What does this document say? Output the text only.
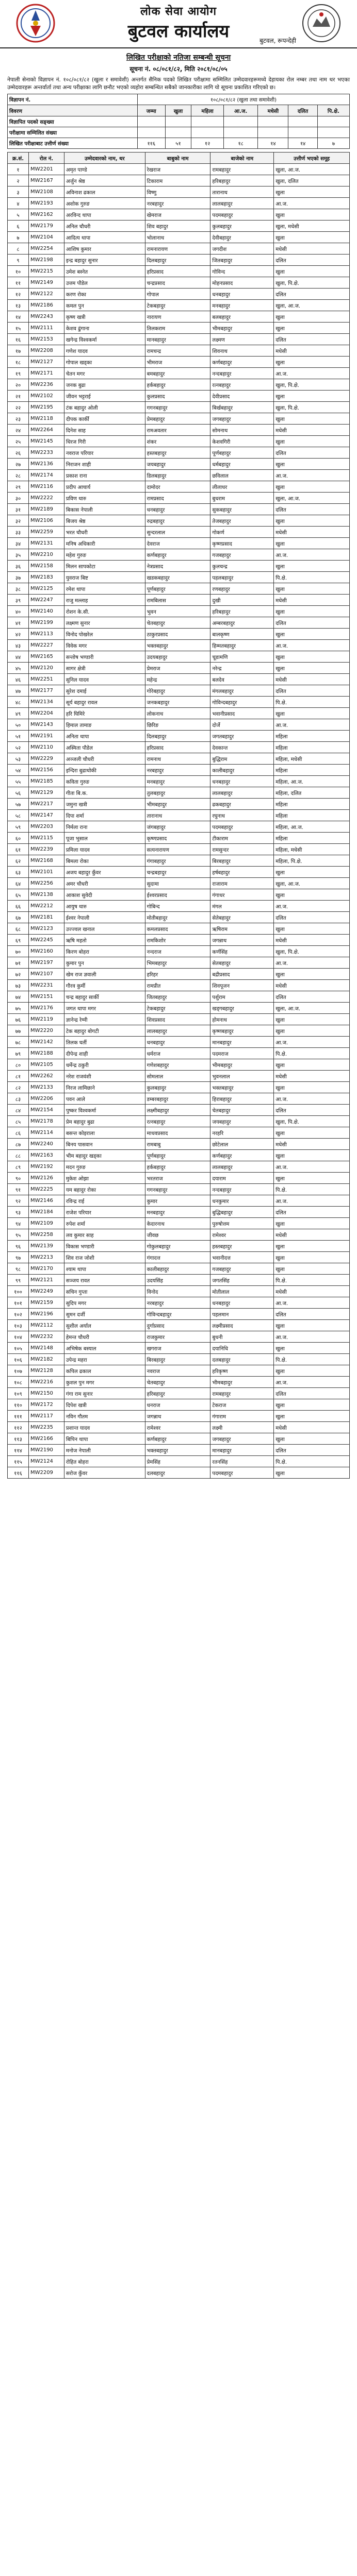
लोक सेवा आयोग
बुटवल कार्यालय	बुटवल, रूपन्देही
लिखित परीक्षाको नतिजा सम्बन्धी सूचना
सूचना नं. ०८/०८१/८२, मिति २०८१/०८/०५
नेपाली सेनाको विज्ञापन नं. १०८/०८१/८२ (खुला र समावेशी) अन्तर्गत सैनिक पदको लिखित परीक्षामा सम्मिलित उम्मेदवारहरूमध्ये देहायका रोल नम्बर तथा नाम थर भएका उम्मेदवारहरू अन्तर्वार्ता तथा अन्य परीक्षाका लागि छनौट भएको व्यहोरा सम्बन्धित सबैको जानकारीका लागि यो सूचना प्रकाशित गरिएको छ।
विज्ञापन नं.	१०८/०८१/८२ (खुला तथा समावेशी)						
विवरण	जम्मा	खुला	महिला	आ.ज.	मधेसी	दलित	पि.क्षे.
विज्ञापित पदको सङ्ख्या							
परीक्षामा सम्मिलित संख्या							
लिखित परीक्षाबाट उत्तीर्ण संख्या	११६	५१	१२	१८	१४	१४	७
क्र.सं.	रोल नं.	उम्मेदवारको नाम, थर	बाबुको नाम	बाजेको नाम	उत्तीर्ण भएको समूह
१	MW2201	अमृत पाण्डे	रेखराज	रामबहादुर	खुला, आ.ज.
२	MW2167	अर्जुन श्रेष्ठ	टिकाराम	हरिबहादुर	खुला, दलित
३	MW2108	अविनाश ढकाल	विष्णु	तारानाथ	खुला
४	MW2193	अशोक गुरुङ	नरबहादुर	लालबहादुर	आ.ज.
५	MW2162	अरविन्द थापा	खेमराज	पदमबहादुर	खुला
६	MW2179	अनिल चौधरी	शिव बहादुर	कुलबहादुर	खुला, मधेसी
७	MW2104	आदित्य थापा	भोलानाथ	देवीबहादुर	खुला
८	MW2254	आशिष कुमार	रामनारायण	जगदीश	मधेसी
९	MW2198	इन्द्र बहादुर सुनार	दिलबहादुर	जितबहादुर	दलित
१०	MW2215	उमेश बस्नेत	हरिप्रसाद	गोविन्द	खुला
११	MW2149	उत्तम पौडेल	चन्द्रप्रसाद	मोहनप्रसाद	खुला, पि.क्षे.
१२	MW2122	करण रोका	गोपाल	धनबहादुर	दलित
१३	MW2186	कमल पुन	टेकबहादुर	मनबहादुर	खुला, आ.ज.
१४	MW2243	कृष्ण खत्री	नारायण	बलबहादुर	खुला
१५	MW2111	केशव ढुंगाना	तिलकराम	भीमबहादुर	खुला
१६	MW2153	खगेन्द्र विश्वकर्मा	मानबहादुर	लक्ष्मण	दलित
१७	MW2208	गणेश यादव	रामचन्द्र	शिवनाथ	मधेसी
१८	MW2127	गोपाल खड्का	भीमराज	कर्णबहादुर	खुला
१९	MW2171	चेतन मगर	बमबहादुर	नन्दबहादुर	आ.ज.
२०	MW2236	जनक बुढा	हर्कबहादुर	रत्नबहादुर	खुला, पि.क्षे.
२१	MW2102	जीवन भट्टराई	कुलप्रसाद	देवीप्रसाद	खुला
२२	MW2195	टंक बहादुर ओली	गगनबहादुर	बिर्खबहादुर	खुला, पि.क्षे.
२३	MW2118	दीपक कार्की	प्रेमबहादुर	जगबहादुर	खुला
२४	MW2264	दिनेश साह	रामअवतार	सोमनाथ	मधेसी
२५	MW2145	धिरज गिरी	शंकर	केशवगिरी	खुला
२६	MW2233	नवराज परियार	हस्तबहादुर	पूर्णबहादुर	दलित
२७	MW2136	निराजन शाही	जयबहादुर	धर्मबहादुर	खुला
२८	MW2174	प्रकाश राना	डिलबहादुर	छविलाल	आ.ज.
२९	MW2116	प्रदीप आचार्य	दामोदर	लीलाधर	खुला
३०	MW2222	प्रविण थारु	रामप्रसाद	बुधराम	खुला, आ.ज.
३१	MW2189	बिकास नेपाली	धनबहादुर	सुकबहादुर	दलित
३२	MW2106	बिजय श्रेष्ठ	रुद्रबहादुर	तेजबहादुर	खुला
३३	MW2259	भरत चौधरी	सुन्दरलाल	गोकर्ण	मधेसी
३४	MW2131	मनिष अधिकारी	देवराज	कृष्णप्रसाद	खुला
३५	MW2210	महेश गुरुङ	कर्णबहादुर	गजबहादुर	आ.ज.
३६	MW2158	मिलन सापकोटा	नेत्रप्रसाद	कुलचन्द्र	खुला
३७	MW2183	युवराज बिष्ट	खडकबहादुर	पहलबहादुर	पि.क्षे.
३८	MW2125	रमेश थापा	पूर्णबहादुर	रणबहादुर	खुला
३९	MW2247	राजु मल्लाह	रामबिलास	दुखी	मधेसी
४०	MW2140	रोशन के.सी.	भुवन	हरिबहादुर	खुला
४१	MW2199	लक्ष्मण सुनार	चेतबहादुर	अम्बरबहादुर	दलित
४२	MW2113	विनोद पोखरेल	ठाकुरप्रसाद	बालकृष्ण	खुला
४३	MW2227	विवेक मगर	भक्तबहादुर	हिम्मतबहादुर	आ.ज.
४४	MW2165	सन्तोष भण्डारी	उदयबहादुर	चूडामणि	खुला
४५	MW2120	सागर क्षेत्री	प्रेमराज	नरेन्द्र	खुला
४६	MW2251	सुनिल यादव	महेन्द्र	बलदेव	मधेसी
४७	MW2177	सुरेश दमाई	गोरेबहादुर	मंगलबहादुर	दलित
४८	MW2134	सूर्य बहादुर रावल	जनकबहादुर	गोविन्दबहादुर	पि.क्षे.
४९	MW2204	हरि घिमिरे	लोकनाथ	भवानीप्रसाद	खुला
५०	MW2143	हिमाल तामाङ	छिरिङ	दोर्जे	आ.ज.
५१	MW2191	अनिता थापा	दिलबहादुर	जगतबहादुर	महिला
५२	MW2110	अस्मिता पौडेल	हरिप्रसाद	देवकान्त	महिला
५३	MW2229	अञ्जली चौधरी	रामनाथ	बुद्धिराम	महिला, मधेसी
५४	MW2156	इन्दिरा बुढाथोकी	नरबहादुर	कालीबहादुर	महिला
५५	MW2185	कविता गुरुङ	मनबहादुर	धनबहादुर	महिला, आ.ज.
५६	MW2129	गीता बि.क.	तुलबहादुर	लालबहादुर	महिला, दलित
५७	MW2217	जमुना खत्री	भीमबहादुर	ढकबहादुर	महिला
५८	MW2147	दिपा शर्मा	तारानाथ	रघुनाथ	महिला
५९	MW2203	निर्मला राना	जंगबहादुर	पदमबहादुर	महिला, आ.ज.
६०	MW2115	पूजा भुसाल	कृष्णप्रसाद	टीकाराम	महिला
६१	MW2239	प्रमिला यादव	सत्यनारायण	रामसुन्दर	महिला, मधेसी
६२	MW2168	बिमला रोका	गंगाबहादुर	बिरबहादुर	महिला, पि.क्षे.
६३	MW2101	अजय बहादुर कुँवर	चन्द्रबहादुर	हर्षबहादुर	खुला
६४	MW2256	अमर चौधरी	सुदामा	राजाराम	खुला, आ.ज.
६५	MW2138	आकाश सुवेदी	ईश्वरप्रसाद	गंगाधर	खुला
६६	MW2212	आयुष थारु	गोबिन्द	मंगल	आ.ज.
६७	MW2181	ईश्वर नेपाली	मोतीबहादुर	सेतेबहादुर	दलित
६८	MW2123	उज्ज्वल खनाल	कमलप्रसाद	ऋषिराम	खुला
६९	MW2245	ऋषि महतो	रामकिशोर	जगन्नाथ	मधेसी
७०	MW2160	किरण बोहरा	नन्दराज	कर्णसिंह	खुला, पि.क्षे.
७१	MW2197	कुमार पुन	भिमबहादुर	सेतबहादुर	आ.ज.
७२	MW2107	खेम राज ज्ञवाली	हरिहर	बद्रीप्रसाद	खुला
७३	MW2231	गौरव कुर्मी	रामप्रीत	शिवपूजन	मधेसी
७४	MW2151	चन्द्र बहादुर सार्की	जितबहादुर	पर्शुराम	दलित
७५	MW2176	जगत थापा मगर	टेकबहादुर	खड्गबहादुर	खुला, आ.ज.
७६	MW2119	ज्ञानेन्द्र रेग्मी	शिवप्रसाद	होमनाथ	खुला
७७	MW2220	टेक बहादुर बोगटी	लालबहादुर	कृष्णबहादुर	खुला
७८	MW2142	तिलक घर्ती	धनबहादुर	मानबहादुर	आ.ज.
७९	MW2188	दीपेन्द्र शाही	धर्मराज	पदमराज	पि.क्षे.
८०	MW2105	धर्मेन्द्र ठकुरी	गणेशबहादुर	भीमबहादुर	खुला
८१	MW2262	नरेश राजवंशी	सोमलाल	भुवनलाल	मधेसी
८२	MW2133	निरज लामिछाने	कुलबहादुर	भक्तबहादुर	खुला
८३	MW2206	पवन आले	डम्बरबहादुर	हिराबहादुर	आ.ज.
८४	MW2154	पुष्कर विश्वकर्मा	लक्ष्मीबहादुर	चेतबहादुर	दलित
८५	MW2178	प्रेम बहादुर बुढा	रत्नबहादुर	जयबहादुर	खुला, पि.क्षे.
८६	MW2114	बसन्त कोइराला	माधवप्रसाद	नरहरि	खुला
८७	MW2240	बिनय पासवान	रामबाबु	छोटेलाल	मधेसी
८८	MW2163	भीम बहादुर खड्का	पूर्णबहादुर	कर्णबहादुर	खुला
८९	MW2192	मदन गुरुङ	हर्कबहादुर	लालबहादुर	आ.ज.
९०	MW2126	मुकेश ओझा	भरतराज	दयाराम	खुला
९१	MW2225	यम बहादुर रोका	गगनबहादुर	नन्दबहादुर	पि.क्षे.
९२	MW2146	रविन्द्र राई	कुमार	धनकुमार	आ.ज.
९३	MW2184	राजेश परियार	मनबहादुर	बुद्धिबहादुर	दलित
९४	MW2109	रुपेश शर्मा	केदारनाथ	पुरुषोत्तम	खुला
९५	MW2258	लव कुमार साह	जीवछ	रामेश्वर	मधेसी
९६	MW2139	विकास भण्डारी	गोकुलबहादुर	हस्तबहादुर	खुला
९७	MW2213	शिव राज जोशी	गंगादत्त	भवानीदत्त	खुला
९८	MW2170	श्याम थापा	कालीबहादुर	गजबहादुर	खुला
९९	MW2121	सञ्जय रावत	उदयसिंह	जगतसिंह	पि.क्षे.
१००	MW2249	सचिन गुप्ता	विनोद	मोतीलाल	मधेसी
१०१	MW2159	सुदिप मगर	नरबहादुर	धनबहादुर	आ.ज.
१०२	MW2196	सुमन दर्जी	गोविन्दबहादुर	पहलमान	दलित
१०३	MW2112	सुशील अर्याल	दुर्गाप्रसाद	लक्ष्मीप्रसाद	खुला
१०४	MW2232	हेमन्त चौधरी	राजकुमार	बुधनी	आ.ज.
१०५	MW2148	अभिषेक बस्याल	खगराज	दयानिधि	खुला
१०६	MW2182	उपेन्द्र महरा	बिरबहादुर	दलबहादुर	पि.क्षे.
१०७	MW2128	कपिल ढकाल	नवराज	हरिकृष्ण	खुला
१०८	MW2216	कुशल पुन मगर	चेतबहादुर	भीमबहादुर	आ.ज.
१०९	MW2150	गंगा राम सुनार	हरिबहादुर	रामबहादुर	दलित
११०	MW2172	दिपेश खत्री	धनराज	टेकराज	खुला
१११	MW2117	नविन गौतम	जगन्नाथ	गंगाराम	खुला
११२	MW2235	प्रशान्त यादव	रामेश्वर	लक्ष्मी	मधेसी
११३	MW2166	बिपिन थापा	कर्णबहादुर	जगबहादुर	खुला
११४	MW2190	मनोज नेपाली	भक्तबहादुर	मानबहादुर	दलित
११५	MW2124	रोहित बोहरा	प्रेमसिंह	रतनसिंह	पि.क्षे.
११६	MW2209	सरोज कुँवर	दलबहादुर	पदमबहादुर	खुला
